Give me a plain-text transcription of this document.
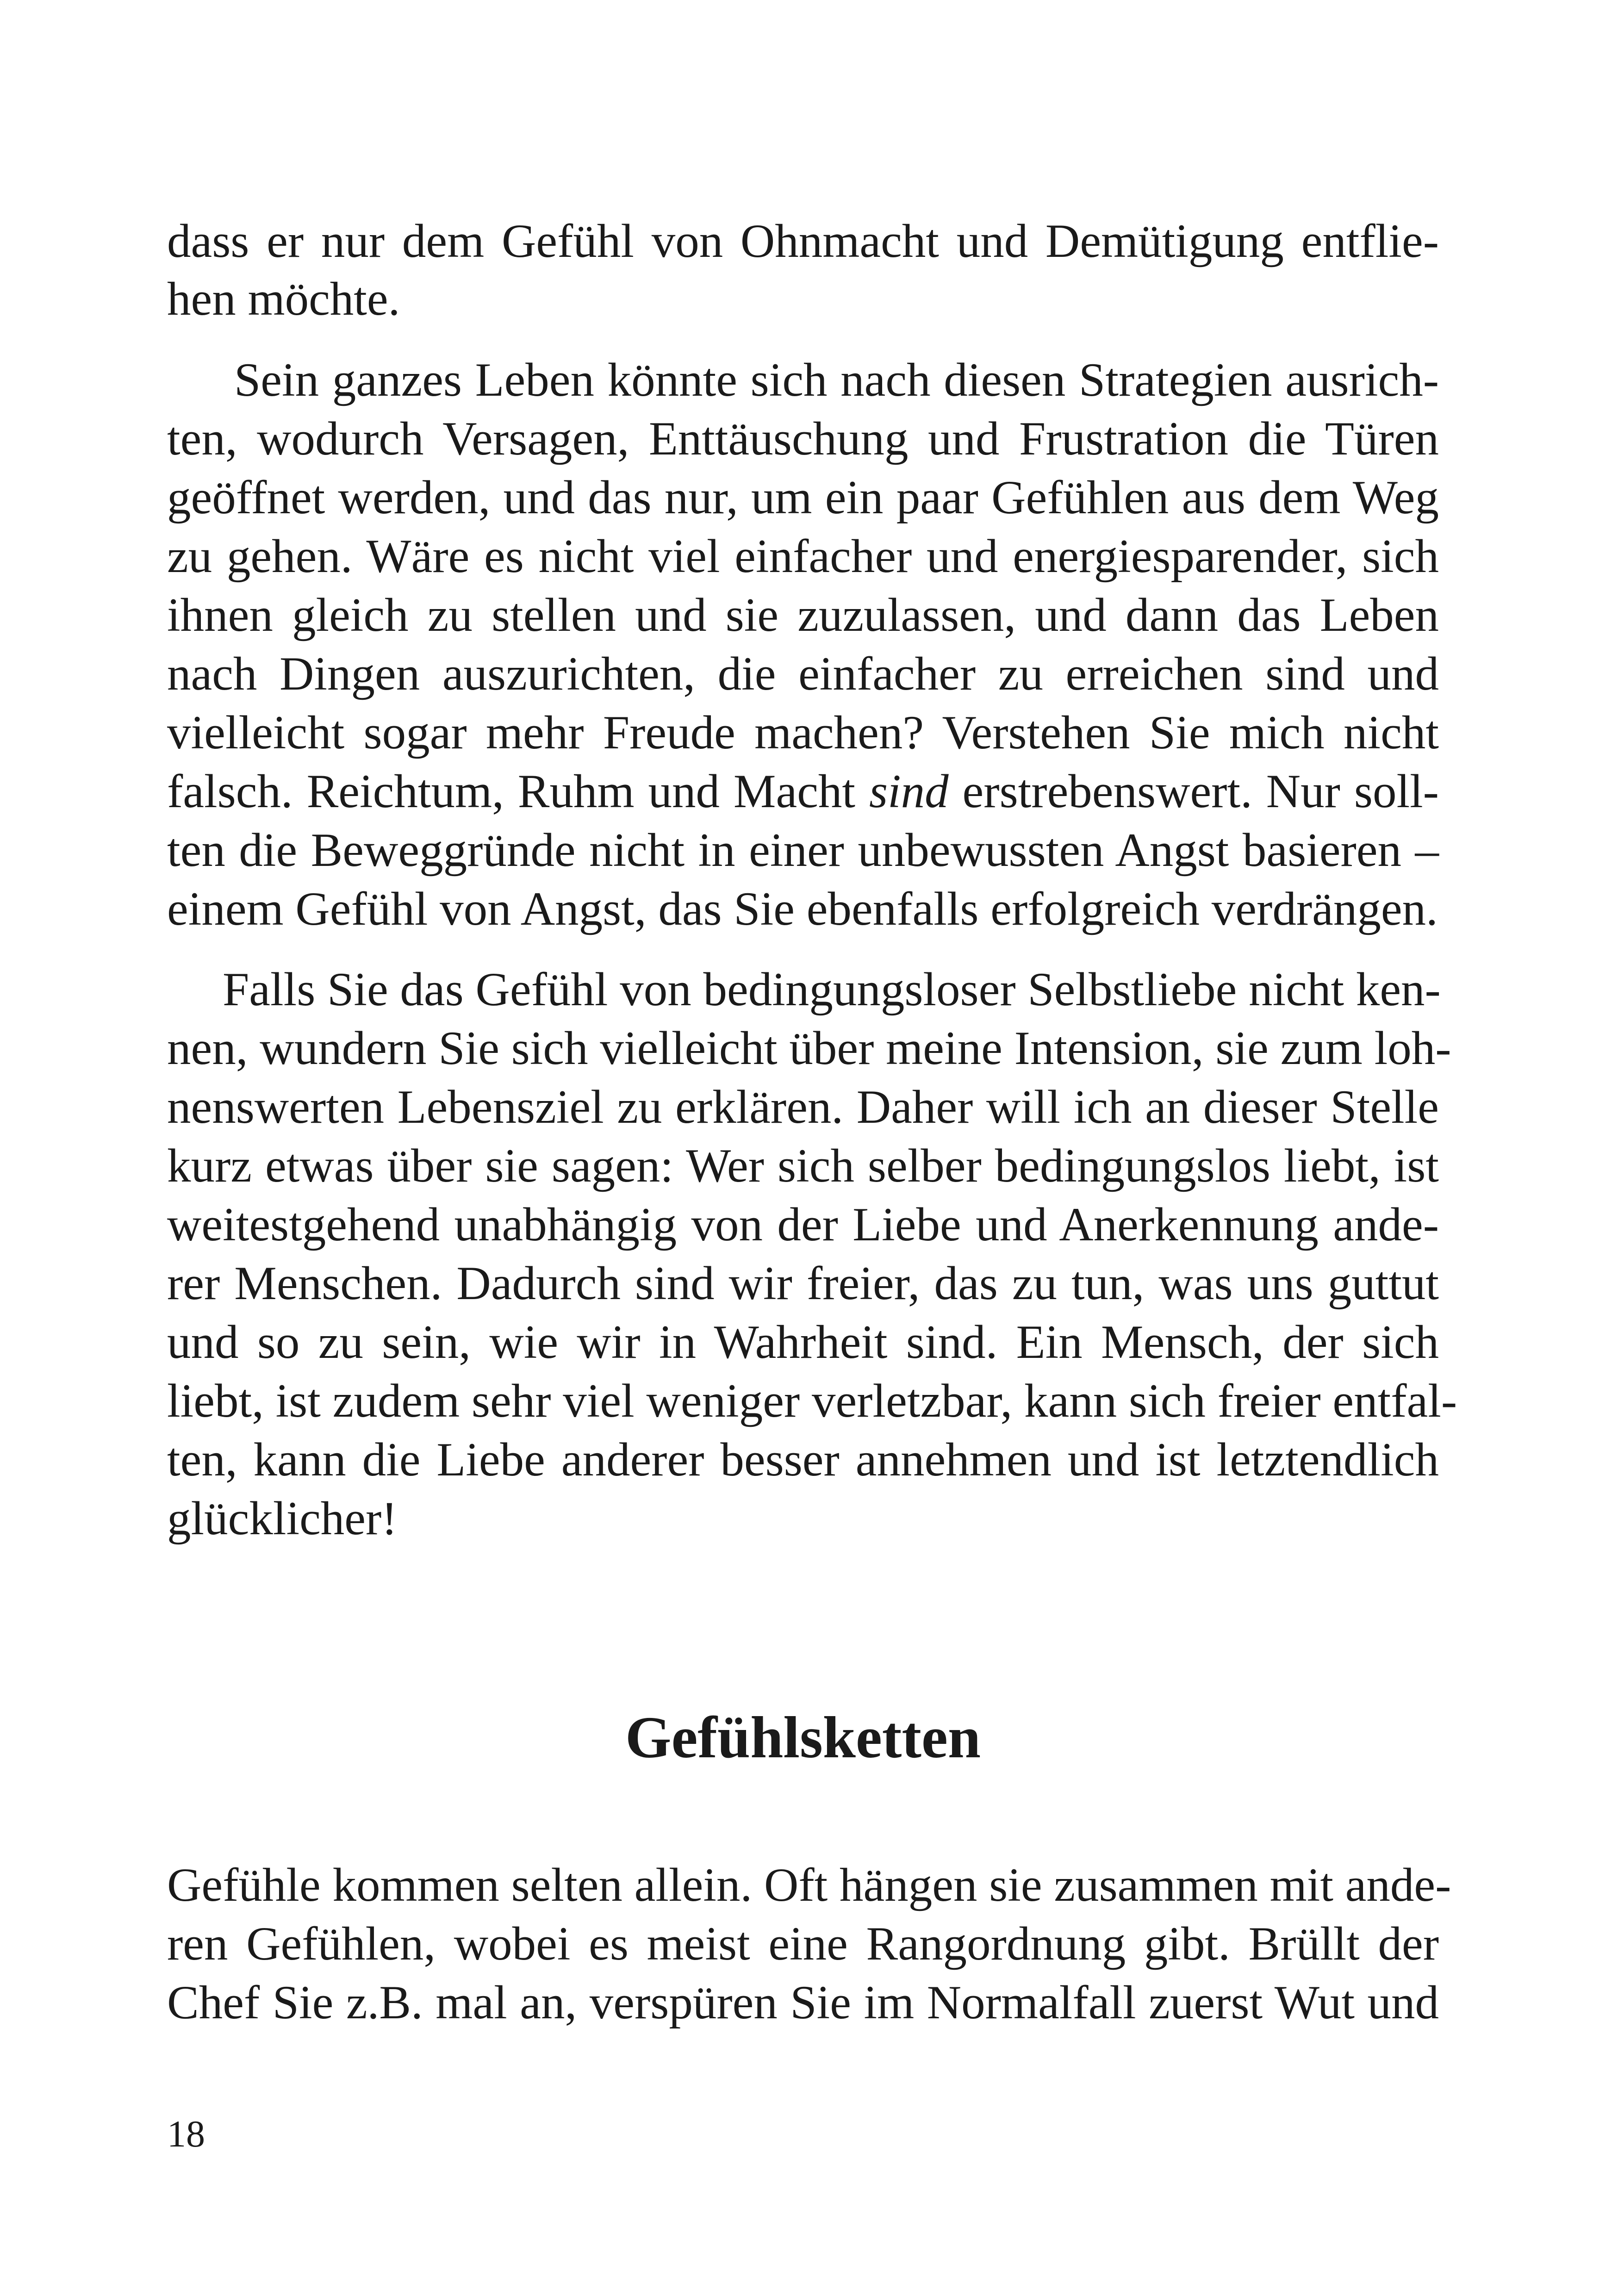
dass er nur dem Gefühl von Ohnmacht und Demütigung entflie-
hen möchte.
Sein ganzes Leben könnte sich nach diesen Strategien ausrich-
ten, wodurch Versagen, Enttäuschung und Frustration die Türen
geöffnet werden, und das nur, um ein paar Gefühlen aus dem Weg
zu gehen. Wäre es nicht viel einfacher und energiesparender, sich
ihnen gleich zu stellen und sie zuzulassen, und dann das Leben
nach Dingen auszurichten, die einfacher zu erreichen sind und
vielleicht sogar mehr Freude machen? Verstehen Sie mich nicht
falsch. Reichtum, Ruhm und Macht sind erstrebenswert. Nur soll-
ten die Beweggründe nicht in einer unbewussten Angst basieren –
einem Gefühl von Angst, das Sie ebenfalls erfolgreich verdrängen.
Falls Sie das Gefühl von bedingungsloser Selbstliebe nicht ken-
nen, wundern Sie sich vielleicht über meine Intension, sie zum loh-
nenswerten Lebensziel zu erklären. Daher will ich an dieser Stelle
kurz etwas über sie sagen: Wer sich selber bedingungslos liebt, ist
weitestgehend unabhängig von der Liebe und Anerkennung ande-
rer Menschen. Dadurch sind wir freier, das zu tun, was uns guttut
und so zu sein, wie wir in Wahrheit sind. Ein Mensch, der sich
liebt, ist zudem sehr viel weniger verletzbar, kann sich freier entfal-
ten, kann die Liebe anderer besser annehmen und ist letztendlich
glücklicher!
Gefühlsketten
Gefühle kommen selten allein. Oft hängen sie zusammen mit ande-
ren Gefühlen, wobei es meist eine Rangordnung gibt. Brüllt der
Chef Sie z.B. mal an, verspüren Sie im Normalfall zuerst Wut und
18
